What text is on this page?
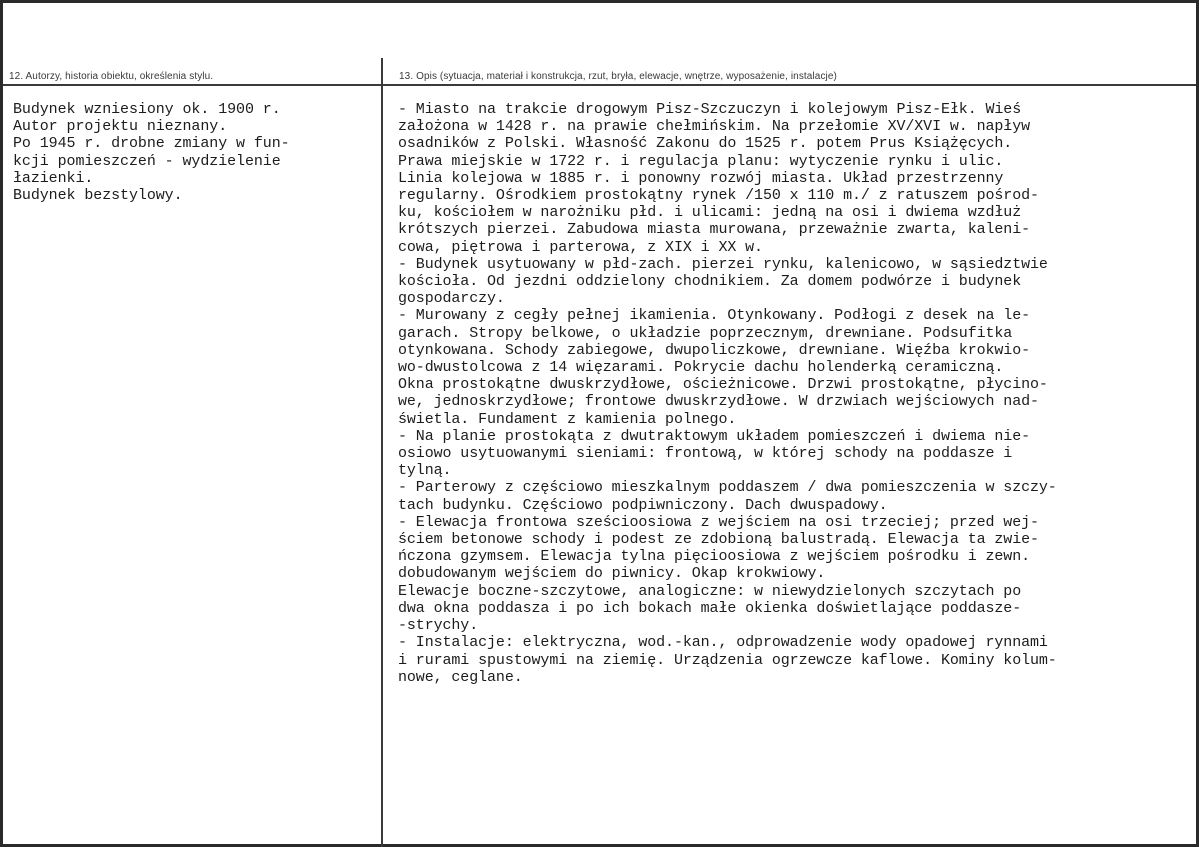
12. Autorzy, historia obiektu, określenia stylu.	13. Opis (sytuacja, materiał i konstrukcja, rzut, bryła, elewacje, wnętrze, wyposażenie, instalacje)
Budynek wzniesiony ok. 1900 r.
Autor projektu nieznany.
Po 1945 r. drobne zmiany w fun-
kcji pomieszczeń - wydzielenie
łazienki.
Budynek bezstylowy.
- Miasto na trakcie drogowym Pisz-Szczuczyn i kolejowym Pisz-Ełk. Wieś
założona w 1428 r. na prawie chełmińskim. Na przełomie XV/XVI w. napływ
osadników z Polski. Własność Zakonu do 1525 r. potem Prus Książęcych.
Prawa miejskie w 1722 r. i regulacja planu: wytyczenie rynku i ulic.
Linia kolejowa w 1885 r. i ponowny rozwój miasta. Układ przestrzenny
regularny. Ośrodkiem prostokątny rynek /150 x 110 m./ z ratuszem pośrod-
ku, kościołem w narożniku płd. i ulicami: jedną na osi i dwiema wzdłuż
krótszych pierzei. Zabudowa miasta murowana, przeważnie zwarta, kaleni-
cowa, piętrowa i parterowa, z XIX i XX w.
- Budynek usytuowany w płd-zach. pierzei rynku, kalenicowo, w sąsiedztwie
kościoła. Od jezdni oddzielony chodnikiem. Za domem podwórze i budynek
gospodarczy.
- Murowany z cegły pełnej ikamienia. Otynkowany. Podłogi z desek na le-
garach. Stropy belkowe, o układzie poprzecznym, drewniane. Podsufitka
otynkowana. Schody zabiegowe, dwupoliczkowe, drewniane. Więźba krokwio-
wo-dwustolcowa z 14 więzarami. Pokrycie dachu holenderką ceramiczną.
Okna prostokątne dwuskrzydłowe, ościeżnicowe. Drzwi prostokątne, płycino-
we, jednoskrzydłowe; frontowe dwuskrzydłowe. W drzwiach wejściowych nad-
świetla. Fundament z kamienia polnego.
- Na planie prostokąta z dwutraktowym układem pomieszczeń i dwiema nie-
osiowo usytuowanymi sieniami: frontową, w której schody na poddasze i
tylną.
- Parterowy z częściowo mieszkalnym poddaszem / dwa pomieszczenia w szczy-
tach budynku. Częściowo podpiwniczony. Dach dwuspadowy.
- Elewacja frontowa sześcioosiowa z wejściem na osi trzeciej; przed wej-
ściem betonowe schody i podest ze zdobioną balustradą. Elewacja ta zwie-
ńczona gzymsem. Elewacja tylna pięcioosiowa z wejściem pośrodku i zewn.
dobudowanym wejściem do piwnicy. Okap krokwiowy.
Elewacje boczne-szczytowe, analogiczne: w niewydzielonych szczytach po
dwa okna poddasza i po ich bokach małe okienka doświetlające poddasze-
-strychy.
- Instalacje: elektryczna, wod.-kan., odprowadzenie wody opadowej rynnami
i rurami spustowymi na ziemię. Urządzenia ogrzewcze kaflowe. Kominy kolum-
nowe, ceglane.
